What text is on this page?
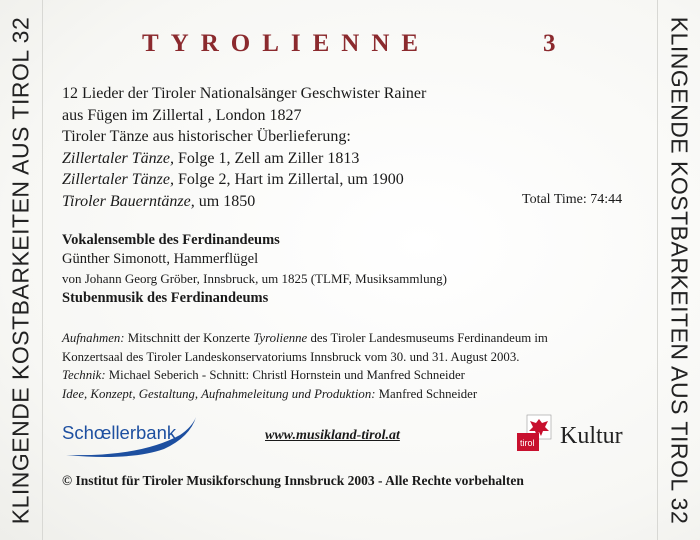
KLINGENDE KOSTBARKEITEN AUS TIROL 32	KLINGENDE KOSTBARKEITEN AUS TIROL 32
TYROLIENNE	3
12 Lieder der Tiroler Nationalsänger Geschwister Rainer
aus Fügen im Zillertal , London 1827
Tiroler Tänze aus historischer Überlieferung:
Zillertaler Tänze, Folge 1, Zell am Ziller 1813
Zillertaler Tänze, Folge 2, Hart im Zillertal, um 1900
Tiroler Bauerntänze, um 1850	Total Time: 74:44
Vokalensemble des Ferdinandeums
Günther Simonott, Hammerflügel
von Johann Georg Gröber, Innsbruck, um 1825 (TLMF, Musiksammlung)
Stubenmusik des Ferdinandeums
Aufnahmen: Mitschnitt der Konzerte Tyrolienne des Tiroler Landesmuseums Ferdinandeum im
Konzertsaal des Tiroler Landeskonservatoriums Innsbruck vom 30. und 31. August 2003.
Technik: Michael Seberich - Schnitt: Christl Hornstein und Manfred Schneider
Idee, Konzept, Gestaltung, Aufnahmeleitung und Produktion: Manfred Schneider
Schœllerbank	www.musikland-tirol.at	tirol Kultur
© Institut für Tiroler Musikforschung Innsbruck 2003 - Alle Rechte vorbehalten
